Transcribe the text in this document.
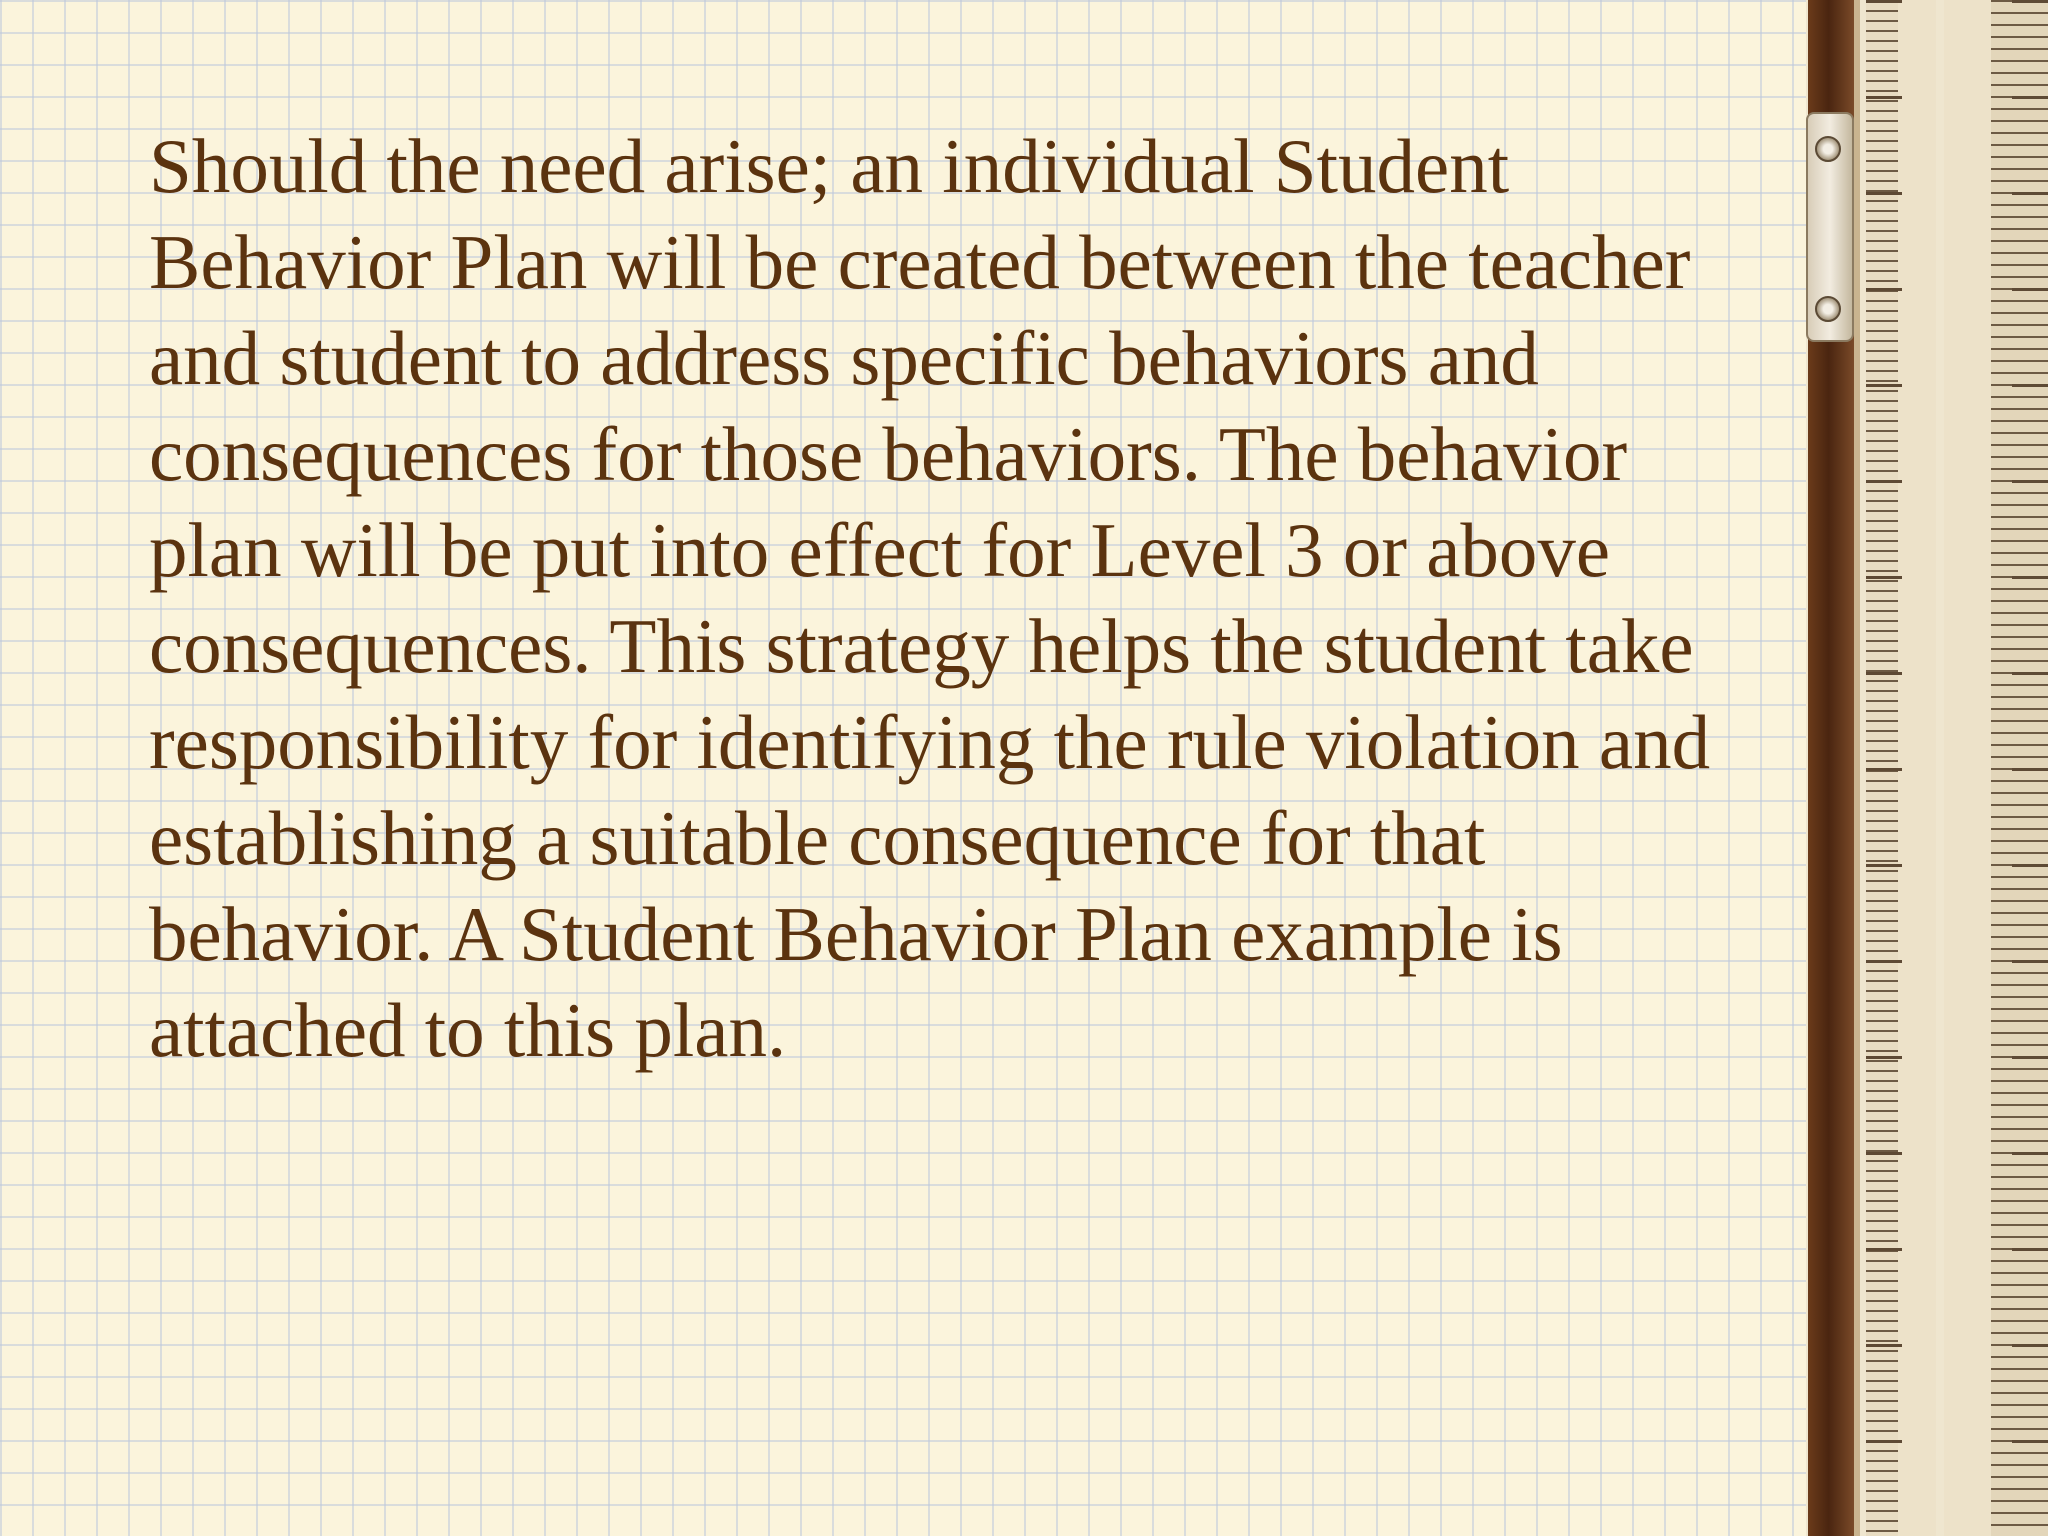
Should the need arise; an individual Student
Behavior Plan will be created between the teacher
and student to address specific behaviors and
consequences for those behaviors. The behavior
plan will be put into effect for Level 3 or above
consequences. This strategy helps the student take
responsibility for identifying the rule violation and
establishing a suitable consequence for that
behavior. A Student Behavior Plan example is
attached to this plan.
